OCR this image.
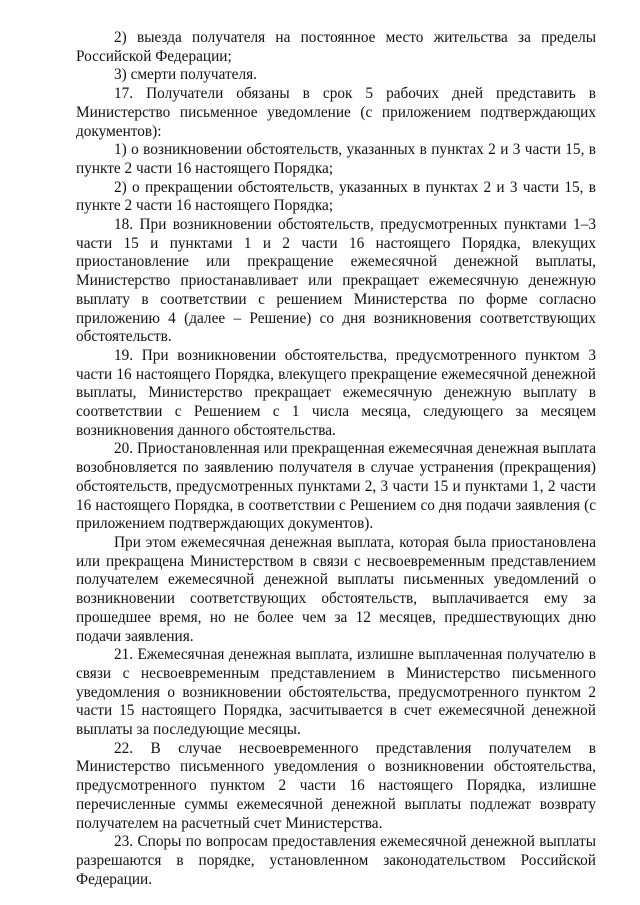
2) выезда получателя на постоянное место жительства за пределы Российской Федерации;

3) смерти получателя.

17. Получатели обязаны в срок 5 рабочих дней представить в Министерство письменное уведомление (с приложением подтверждающих документов):

1) о возникновении обстоятельств, указанных в пунктах 2 и 3 части 15, в пункте 2 части 16 настоящего Порядка;

2) о прекращении обстоятельств, указанных в пунктах 2 и 3 части 15, в пункте 2 части 16 настоящего Порядка;

18. При возникновении обстоятельств, предусмотренных пунктами 1–3 части 15 и пунктами 1 и 2 части 16 настоящего Порядка, влекущих приостановление или прекращение ежемесячной денежной выплаты, Министерство приостанавливает или прекращает ежемесячную денежную выплату в соответствии с решением Министерства по форме согласно приложению 4 (далее – Решение) со дня возникновения соответствующих обстоятельств.

19. При возникновении обстоятельства, предусмотренного пунктом 3 части 16 настоящего Порядка, влекущего прекращение ежемесячной денежной выплаты, Министерство прекращает ежемесячную денежную выплату в соответствии с Решением с 1 числа месяца, следующего за месяцем возникновения данного обстоятельства.

20. Приостановленная или прекращенная ежемесячная денежная выплата возобновляется по заявлению получателя в случае устранения (прекращения) обстоятельств, предусмотренных пунктами 2, 3 части 15 и пунктами 1, 2 части 16 настоящего Порядка, в соответствии с Решением со дня подачи заявления (с приложением подтверждающих документов).

При этом ежемесячная денежная выплата, которая была приостановлена или прекращена Министерством в связи с несвоевременным представлением получателем ежемесячной денежной выплаты письменных уведомлений о возникновении соответствующих обстоятельств, выплачивается ему за прошедшее время, но не более чем за 12 месяцев, предшествующих дню подачи заявления.

21. Ежемесячная денежная выплата, излишне выплаченная получателю в связи с несвоевременным представлением в Министерство письменного уведомления о возникновении обстоятельства, предусмотренного пунктом 2 части 15 настоящего Порядка, засчитывается в счет ежемесячной денежной выплаты за последующие месяцы.

22. В случае несвоевременного представления получателем в Министерство письменного уведомления о возникновении обстоятельства, предусмотренного пунктом 2 части 16 настоящего Порядка, излишне перечисленные суммы ежемесячной денежной выплаты подлежат возврату получателем на расчетный счет Министерства.

23. Споры по вопросам предоставления ежемесячной денежной выплаты разрешаются в порядке, установленном законодательством Российской Федерации.
